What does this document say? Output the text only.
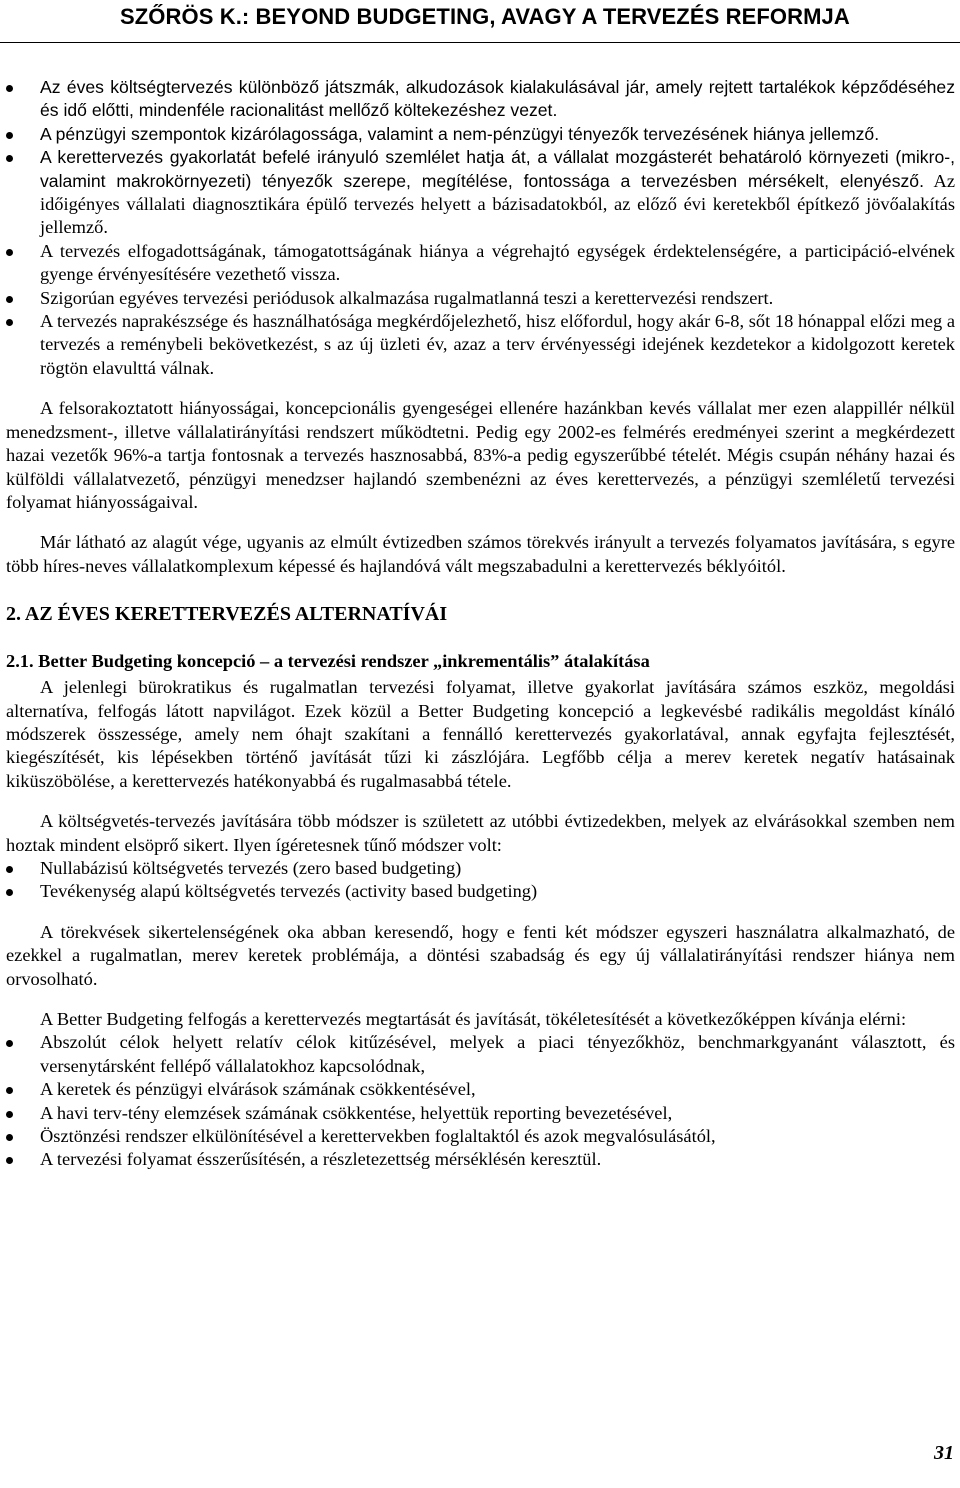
SZŐRÖS K.: BEYOND BUDGETING, AVAGY A TERVEZÉS REFORMJA
Az éves költségtervezés különböző játszmák, alkudozások kialakulásával jár, amely rejtett tartalékok képződéséhez és idő előtti, mindenféle racionalitást mellőző költekezéshez vezet.
A pénzügyi szempontok kizárólagossága, valamint a nem-pénzügyi tényezők tervezésének hiánya jellemző.
A kerettervezés gyakorlatát befelé irányuló szemlélet hatja át, a vállalat mozgásterét behatároló környezeti (mikro-, valamint makrokörnyezeti) tényezők szerepe, megítélése, fontossága a tervezésben mérsékelt, elenyésző. Az időigényes vállalati diagnosztikára épülő tervezés helyett a bázisadatokból, az előző évi keretekből építkező jövőalakítás jellemző.
A tervezés elfogadottságának, támogatottságának hiánya a végrehajtó egységek érdektelenségére, a participáció-elvének gyenge érvényesítésére vezethető vissza.
Szigorúan egyéves tervezési periódusok alkalmazása rugalmatlanná teszi a kerettervezési rendszert.
A tervezés naprakészsége és használhatósága megkérdőjelezhető, hisz előfordul, hogy akár 6-8, sőt 18 hónappal előzi meg a tervezés a reménybeli bekövetkezést, s az új üzleti év, azaz a terv érvényességi idejének kezdetekor a kidolgozott keretek rögtön elavulttá válnak.

A felsorakoztatott hiányosságai, koncepcionális gyengeségei ellenére hazánkban kevés vállalat mer ezen alappillér nélkül menedzsment-, illetve vállalatirányítási rendszert működtetni. Pedig egy 2002-es felmérés eredményei szerint a megkérdezett hazai vezetők 96%-a tartja fontosnak a tervezés hasznosabbá, 83%-a pedig egyszerűbbé tételét. Mégis csupán néhány hazai és külföldi vállalatvezető, pénzügyi menedzser hajlandó szembenézni az éves kerettervezés, a pénzügyi szemléletű tervezési folyamat hiányosságaival.

Már látható az alagút vége, ugyanis az elmúlt évtizedben számos törekvés irányult a tervezés folyamatos javítására, s egyre több híres-neves vállalatkomplexum képessé és hajlandóvá vált megszabadulni a kerettervezés béklyóitól.

2. AZ ÉVES KERETTERVEZÉS ALTERNATÍVÁI
2.1. Better Budgeting koncepció – a tervezési rendszer „inkrementális” átalakítása

A jelenlegi bürokratikus és rugalmatlan tervezési folyamat, illetve gyakorlat javítására számos eszköz, megoldási alternatíva, felfogás látott napvilágot. Ezek közül a Better Budgeting koncepció a legkevésbé radikális megoldást kínáló módszerek összessége, amely nem óhajt szakítani a fennálló kerettervezés gyakorlatával, annak egyfajta fejlesztését, kiegészítését, kis lépésekben történő javítását tűzi ki zászlójára. Legfőbb célja a merev keretek negatív hatásainak kiküszöbölése, a kerettervezés hatékonyabbá és rugalmasabbá tétele.

A költségvetés-tervezés javítására több módszer is született az utóbbi évtizedekben, melyek az elvárásokkal szemben nem hoztak mindent elsöprő sikert. Ilyen ígéretesnek tűnő módszer volt:

Nullabázisú költségvetés tervezés (zero based budgeting)
Tevékenység alapú költségvetés tervezés (activity based budgeting)

A törekvések sikertelenségének oka abban keresendő, hogy e fenti két módszer egyszeri használatra alkalmazható, de ezekkel a rugalmatlan, merev keretek problémája, a döntési szabadság és egy új vállalatirányítási rendszer hiánya nem orvosolható.

A Better Budgeting felfogás a kerettervezés megtartását és javítását, tökéletesítését a következőképpen kívánja elérni:

Abszolút célok helyett relatív célok kitűzésével, melyek a piaci tényezőkhöz, benchmarkgyanánt választott, és versenytársként fellépő vállalatokhoz kapcsolódnak,
A keretek és pénzügyi elvárások számának csökkentésével,
A havi terv-tény elemzések számának csökkentése, helyettük reporting bevezetésével,
Ösztönzési rendszer elkülönítésével a kerettervekben foglaltaktól és azok megvalósulásától,
A tervezési folyamat ésszerűsítésén, a részletezettség mérséklésén keresztül.
31
